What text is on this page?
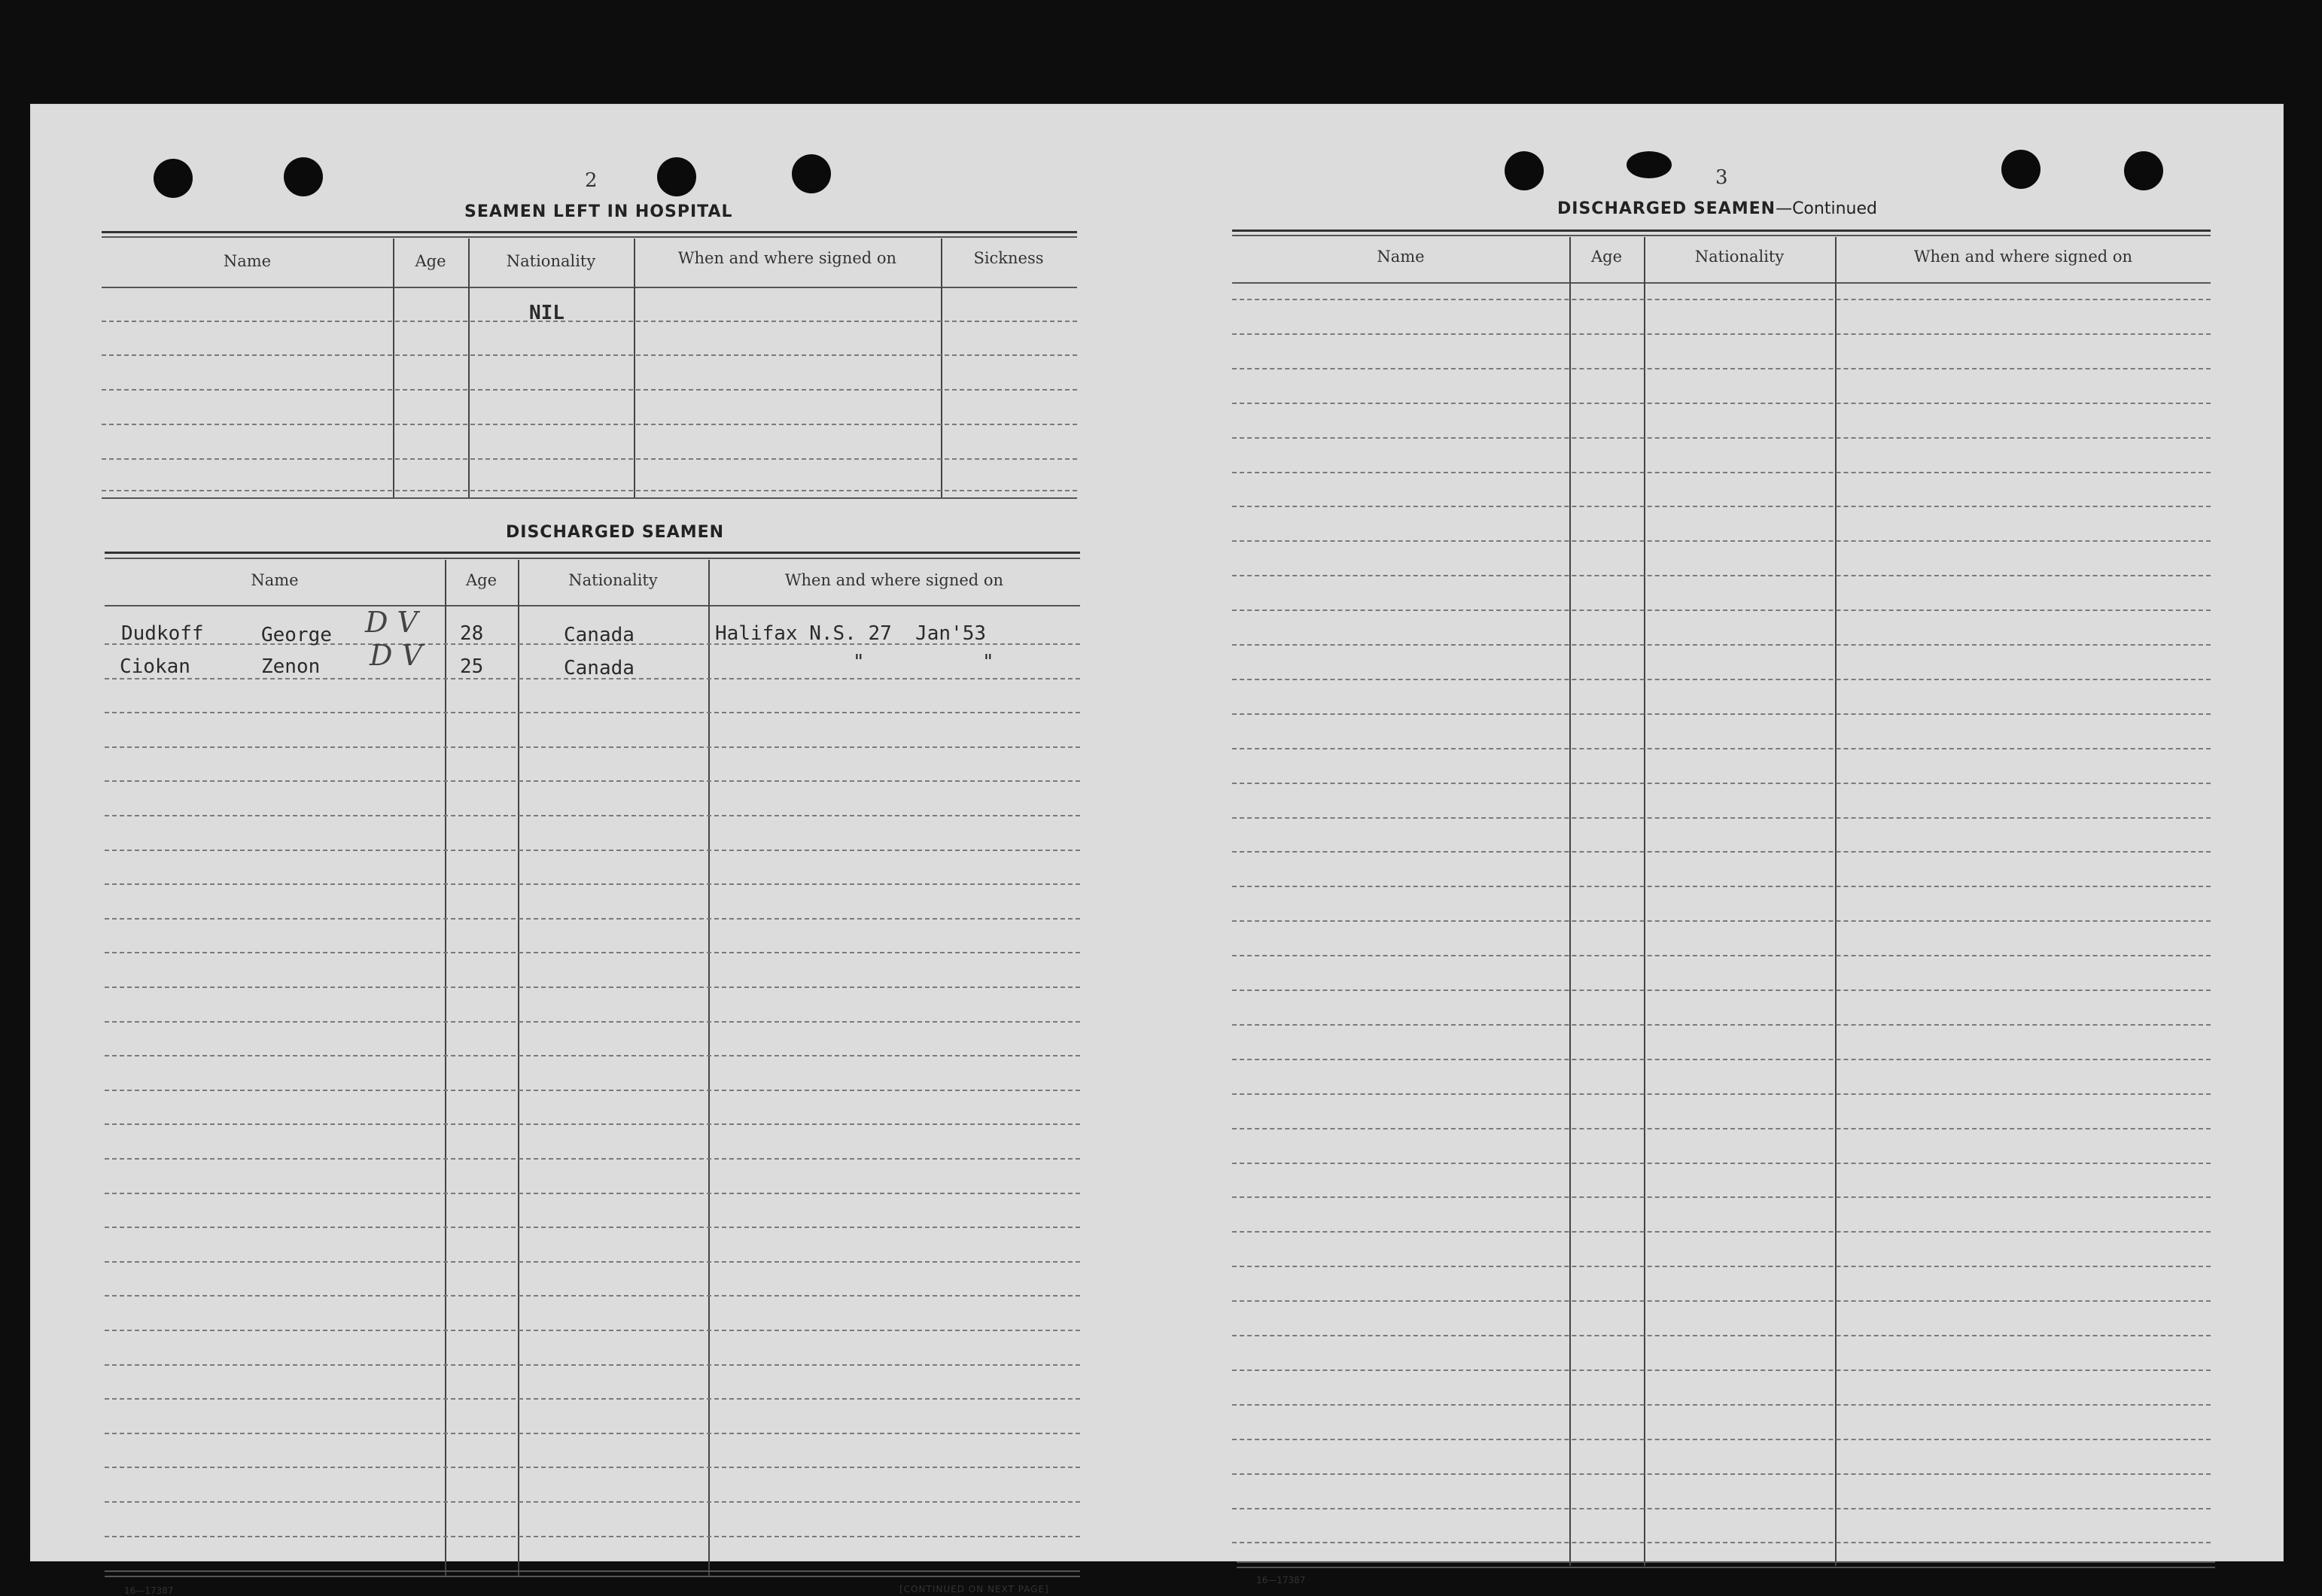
2
SEAMEN LEFT IN HOSPITAL
Name	Age	Nationality	When and where signed on	Sickness
NIL
DISCHARGED SEAMEN
Name	Age	Nationality	When and where signed on
Dudkoff	George D V 28	Canada	Halifax N.S. 27  Jan'53
Ciokan	Zenon D V 25	Canada	"	"
16—17387	[CONTINUED ON NEXT PAGE]
3
DISCHARGED SEAMEN—Continued
Name	Age	Nationality	When and where signed on
16—17387
